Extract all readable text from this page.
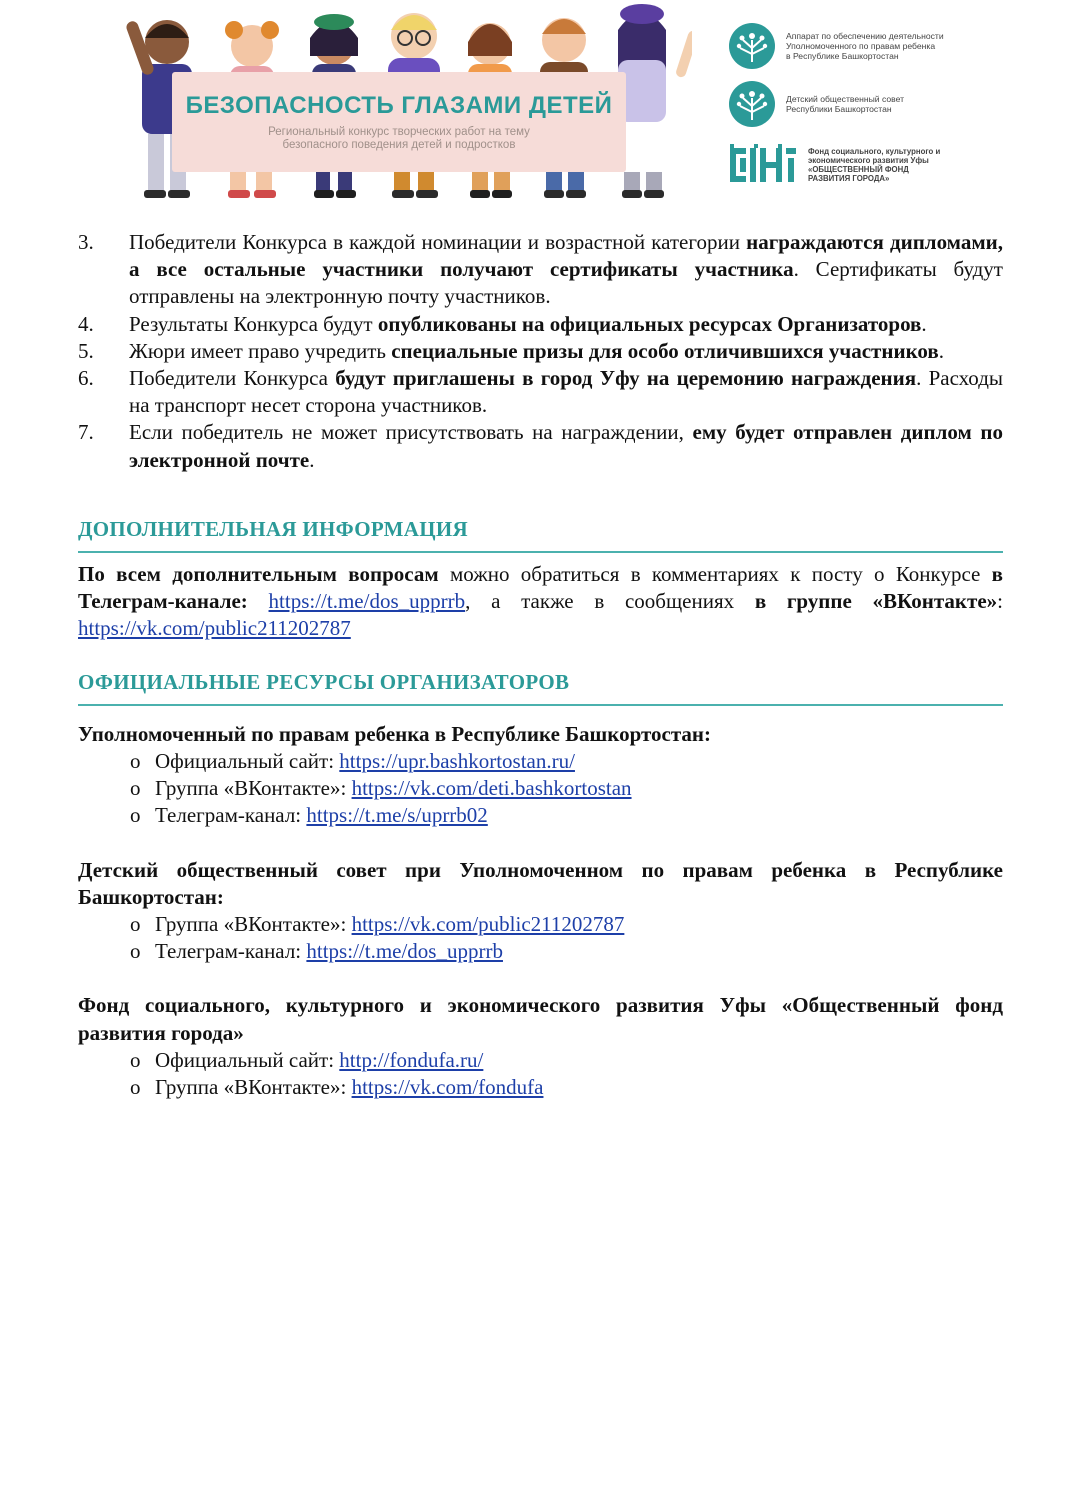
БЕЗОПАСНОСТЬ ГЛАЗАМИ ДЕТЕЙ
Региональный конкурс творческих работ на тему
безопасного поведения детей и подростков
Аппарат по обеспечению деятельности
Уполномоченного по правам ребенка
в Республике Башкортостан
Детский общественный совет
Республики Башкортостан
Фонд социального, культурного и
экономического развития Уфы
«ОБЩЕСТВЕННЫЙ ФОНД
РАЗВИТИЯ ГОРОДА»
3.	Победители Конкурса в каждой номинации и возрастной категории награждаются дипломами, а все остальные участники получают сертификаты участника. Сертификаты будут отправлены на электронную почту участников.
4.	Результаты Конкурса будут опубликованы на официальных ресурсах Организаторов.
5.	Жюри имеет право учредить специальные призы для особо отличившихся участников.
6.	Победители Конкурса будут приглашены в город Уфу на церемонию награждения. Расходы на транспорт несет сторона участников.
7.	Если победитель не может присутствовать на награждении, ему будет отправлен диплом по электронной почте.
ДОПОЛНИТЕЛЬНАЯ ИНФОРМАЦИЯ
По всем дополнительным вопросам можно обратиться в комментариях к посту о Конкурсе в Телеграм-канале: https://t.me/dos_upprrb, а также в сообщениях в группе «ВКонтакте»: https://vk.com/public211202787
ОФИЦИАЛЬНЫЕ РЕСУРСЫ ОРГАНИЗАТОРОВ
Уполномоченный по правам ребенка в Республике Башкортостан:
o Официальный сайт: https://upr.bashkortostan.ru/
o Группа «ВКонтакте»: https://vk.com/deti.bashkortostan
o Телеграм-канал: https://t.me/s/uprrb02
Детский общественный совет при Уполномоченном по правам ребенка в Республике Башкортостан:
o Группа «ВКонтакте»: https://vk.com/public211202787
o Телеграм-канал: https://t.me/dos_upprrb
Фонд социального, культурного и экономического развития Уфы «Общественный фонд развития города»
o Официальный сайт: http://fondufa.ru/
o Группа «ВКонтакте»: https://vk.com/fondufa
